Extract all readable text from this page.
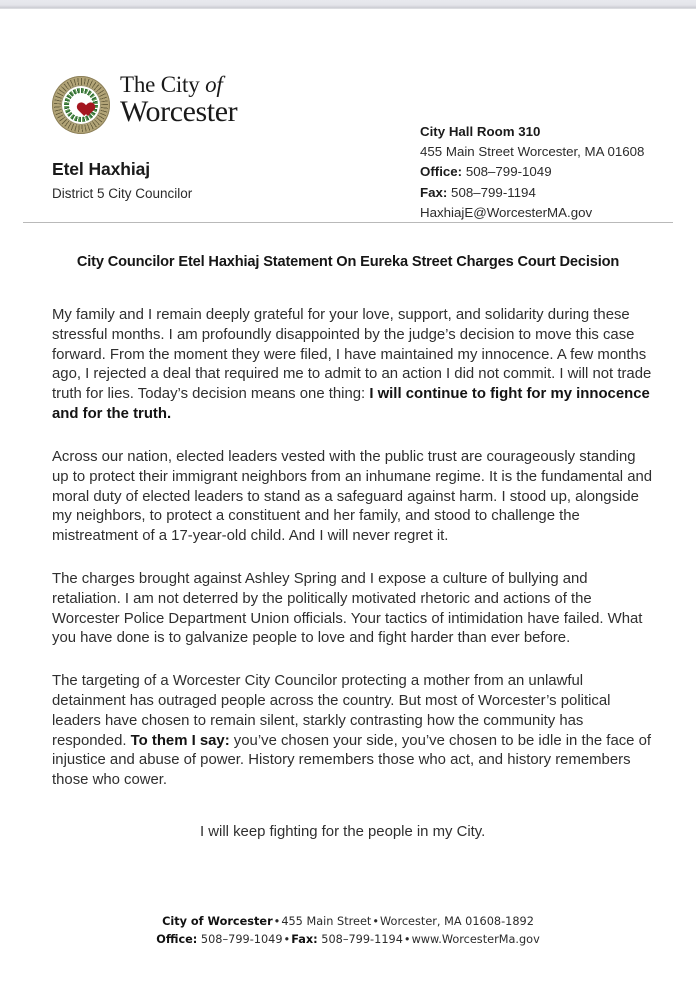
The City of
Worcester
Etel Haxhiaj
District 5 City Councilor
City Hall Room 310
455 Main Street Worcester, MA 01608
Office: 508–799-1049
Fax: 508–799-1194
HaxhiajE@WorcesterMA.gov
City Councilor Etel Haxhiaj Statement On Eureka Street Charges Court Decision

My family and I remain deeply grateful for your love, support, and solidarity during these stressful months. I am profoundly disappointed by the judge’s decision to move this case forward. From the moment they were filed, I have maintained my innocence. A few months ago, I rejected a deal that required me to admit to an action I did not commit. I will not trade truth for lies. Today’s decision means one thing: I will continue to fight for my innocence and for the truth.

Across our nation, elected leaders vested with the public trust are courageously standing up to protect their immigrant neighbors from an inhumane regime. It is the fundamental and moral duty of elected leaders to stand as a safeguard against harm. I stood up, alongside my neighbors, to protect a constituent and her family, and stood to challenge the mistreatment of a 17-year-old child. And I will never regret it.

The charges brought against Ashley Spring and I expose a culture of bullying and retaliation. I am not deterred by the politically motivated rhetoric and actions of the Worcester Police Department Union officials. Your tactics of intimidation have failed. What you have done is to galvanize people to love and fight harder than ever before.

The targeting of a Worcester City Councilor protecting a mother from an unlawful detainment has outraged people across the country. But most of Worcester’s political leaders have chosen to remain silent, starkly contrasting how the community has responded. To them I say: you’ve chosen your side, you’ve chosen to be idle in the face of injustice and abuse of power. History remembers those who act, and history remembers those who cower.

I will keep fighting for the people in my City.

City of Worcester•455 Main Street•Worcester, MA 01608-1892
Office: 508–799-1049•Fax: 508–799-1194•www.WorcesterMa.gov
